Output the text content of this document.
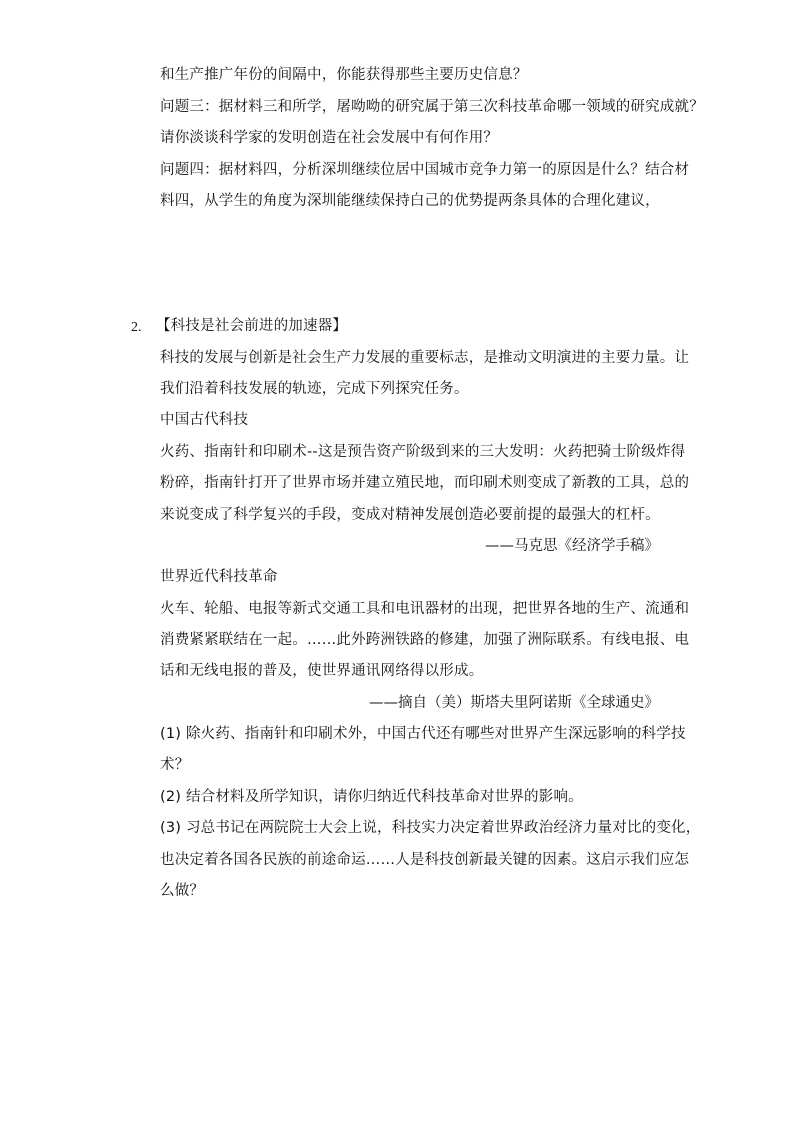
和生产推广年份的间隔中，你能获得那些主要历史信息？
问题三：据材料三和所学，屠呦呦的研究属于第三次科技革命哪一领域的研究成就？
请你淡谈科学家的发明创造在社会发展中有何作用？
问题四：据材料四，分析深圳继续位居中国城市竞争力第一的原因是什么？结合材
料四，从学生的角度为深圳能继续保持白己的优势提两条具体的合理化建议，
2. 【科技是社会前进的加速器】
科技的发展与创新是社会生产力发展的重要标志，是推动文明演进的主要力量。让
我们沿着科技发展的轨迹，完成下列探究任务。
中国古代科技
火药、指南针和印刷术--这是预告资产阶级到来的三大发明：火药把骑士阶级炸得
粉碎，指南针打开了世界市场并建立殖民地，而印刷术则变成了新教的工具，总的
来说变成了科学复兴的手段，变成对精神发展创造必要前提的最强大的杠杆。
——马克思《经济学手稿》
世界近代科技革命
火车、轮船、电报等新式交通工具和电讯器材的出现，把世界各地的生产、流通和
消费紧紧联结在一起。……此外跨洲铁路的修建，加强了洲际联系。有线电报、电
话和无线电报的普及，使世界通讯网络得以形成。
——摘自（美）斯塔夫里阿诺斯《全球通史》
(1) 除火药、指南针和印刷术外，中国古代还有哪些对世界产生深远影响的科学技
术？
(2) 结合材料及所学知识，请你归纳近代科技革命对世界的影响。
(3) 习总书记在两院院士大会上说，科技实力决定着世界政治经济力量对比的变化，
也决定着各国各民族的前途命运……人是科技创新最关键的因素。这启示我们应怎
么做？
